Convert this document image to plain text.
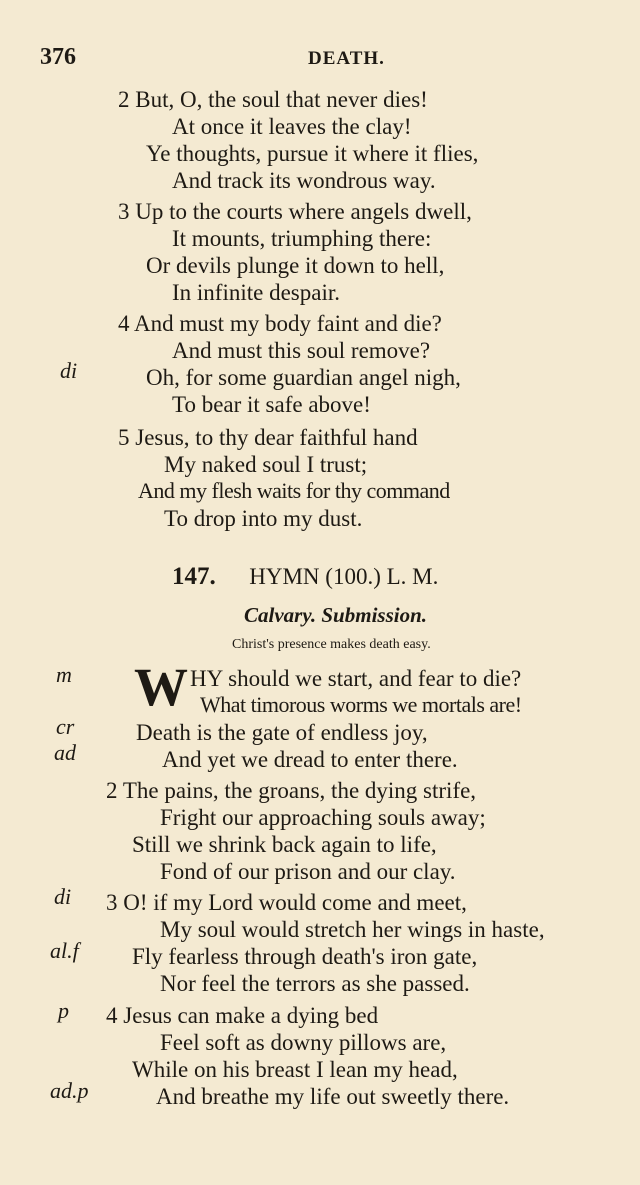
376	DEATH.
2 But, O, the soul that never dies!
At once it leaves the clay!
Ye thoughts, pursue it where it flies,
And track its wondrous way.
3 Up to the courts where angels dwell,
It mounts, triumphing there:
Or devils plunge it down to hell,
In infinite despair.
4 And must my body faint and die?
And must this soul remove?
di	Oh, for some guardian angel nigh,
To bear it safe above!
5 Jesus, to thy dear faithful hand
My naked soul I trust;
And my flesh waits for thy command
To drop into my dust.
147. HYMN (100.) L. M.
Calvary. Submission.
Christ's presence makes death easy.
W
m	HY should we start, and fear to die?
What timorous worms we mortals are!
cr	Death is the gate of endless joy,
ad	And yet we dread to enter there.
2 The pains, the groans, the dying strife,
Fright our approaching souls away;
Still we shrink back again to life,
Fond of our prison and our clay.
di 3 O! if my Lord would come and meet,
My soul would stretch her wings in haste,
al.f Fly fearless through death's iron gate,
Nor feel the terrors as she passed.
p 4 Jesus can make a dying bed
Feel soft as downy pillows are,
While on his breast I lean my head,
ad.p	And breathe my life out sweetly there.
